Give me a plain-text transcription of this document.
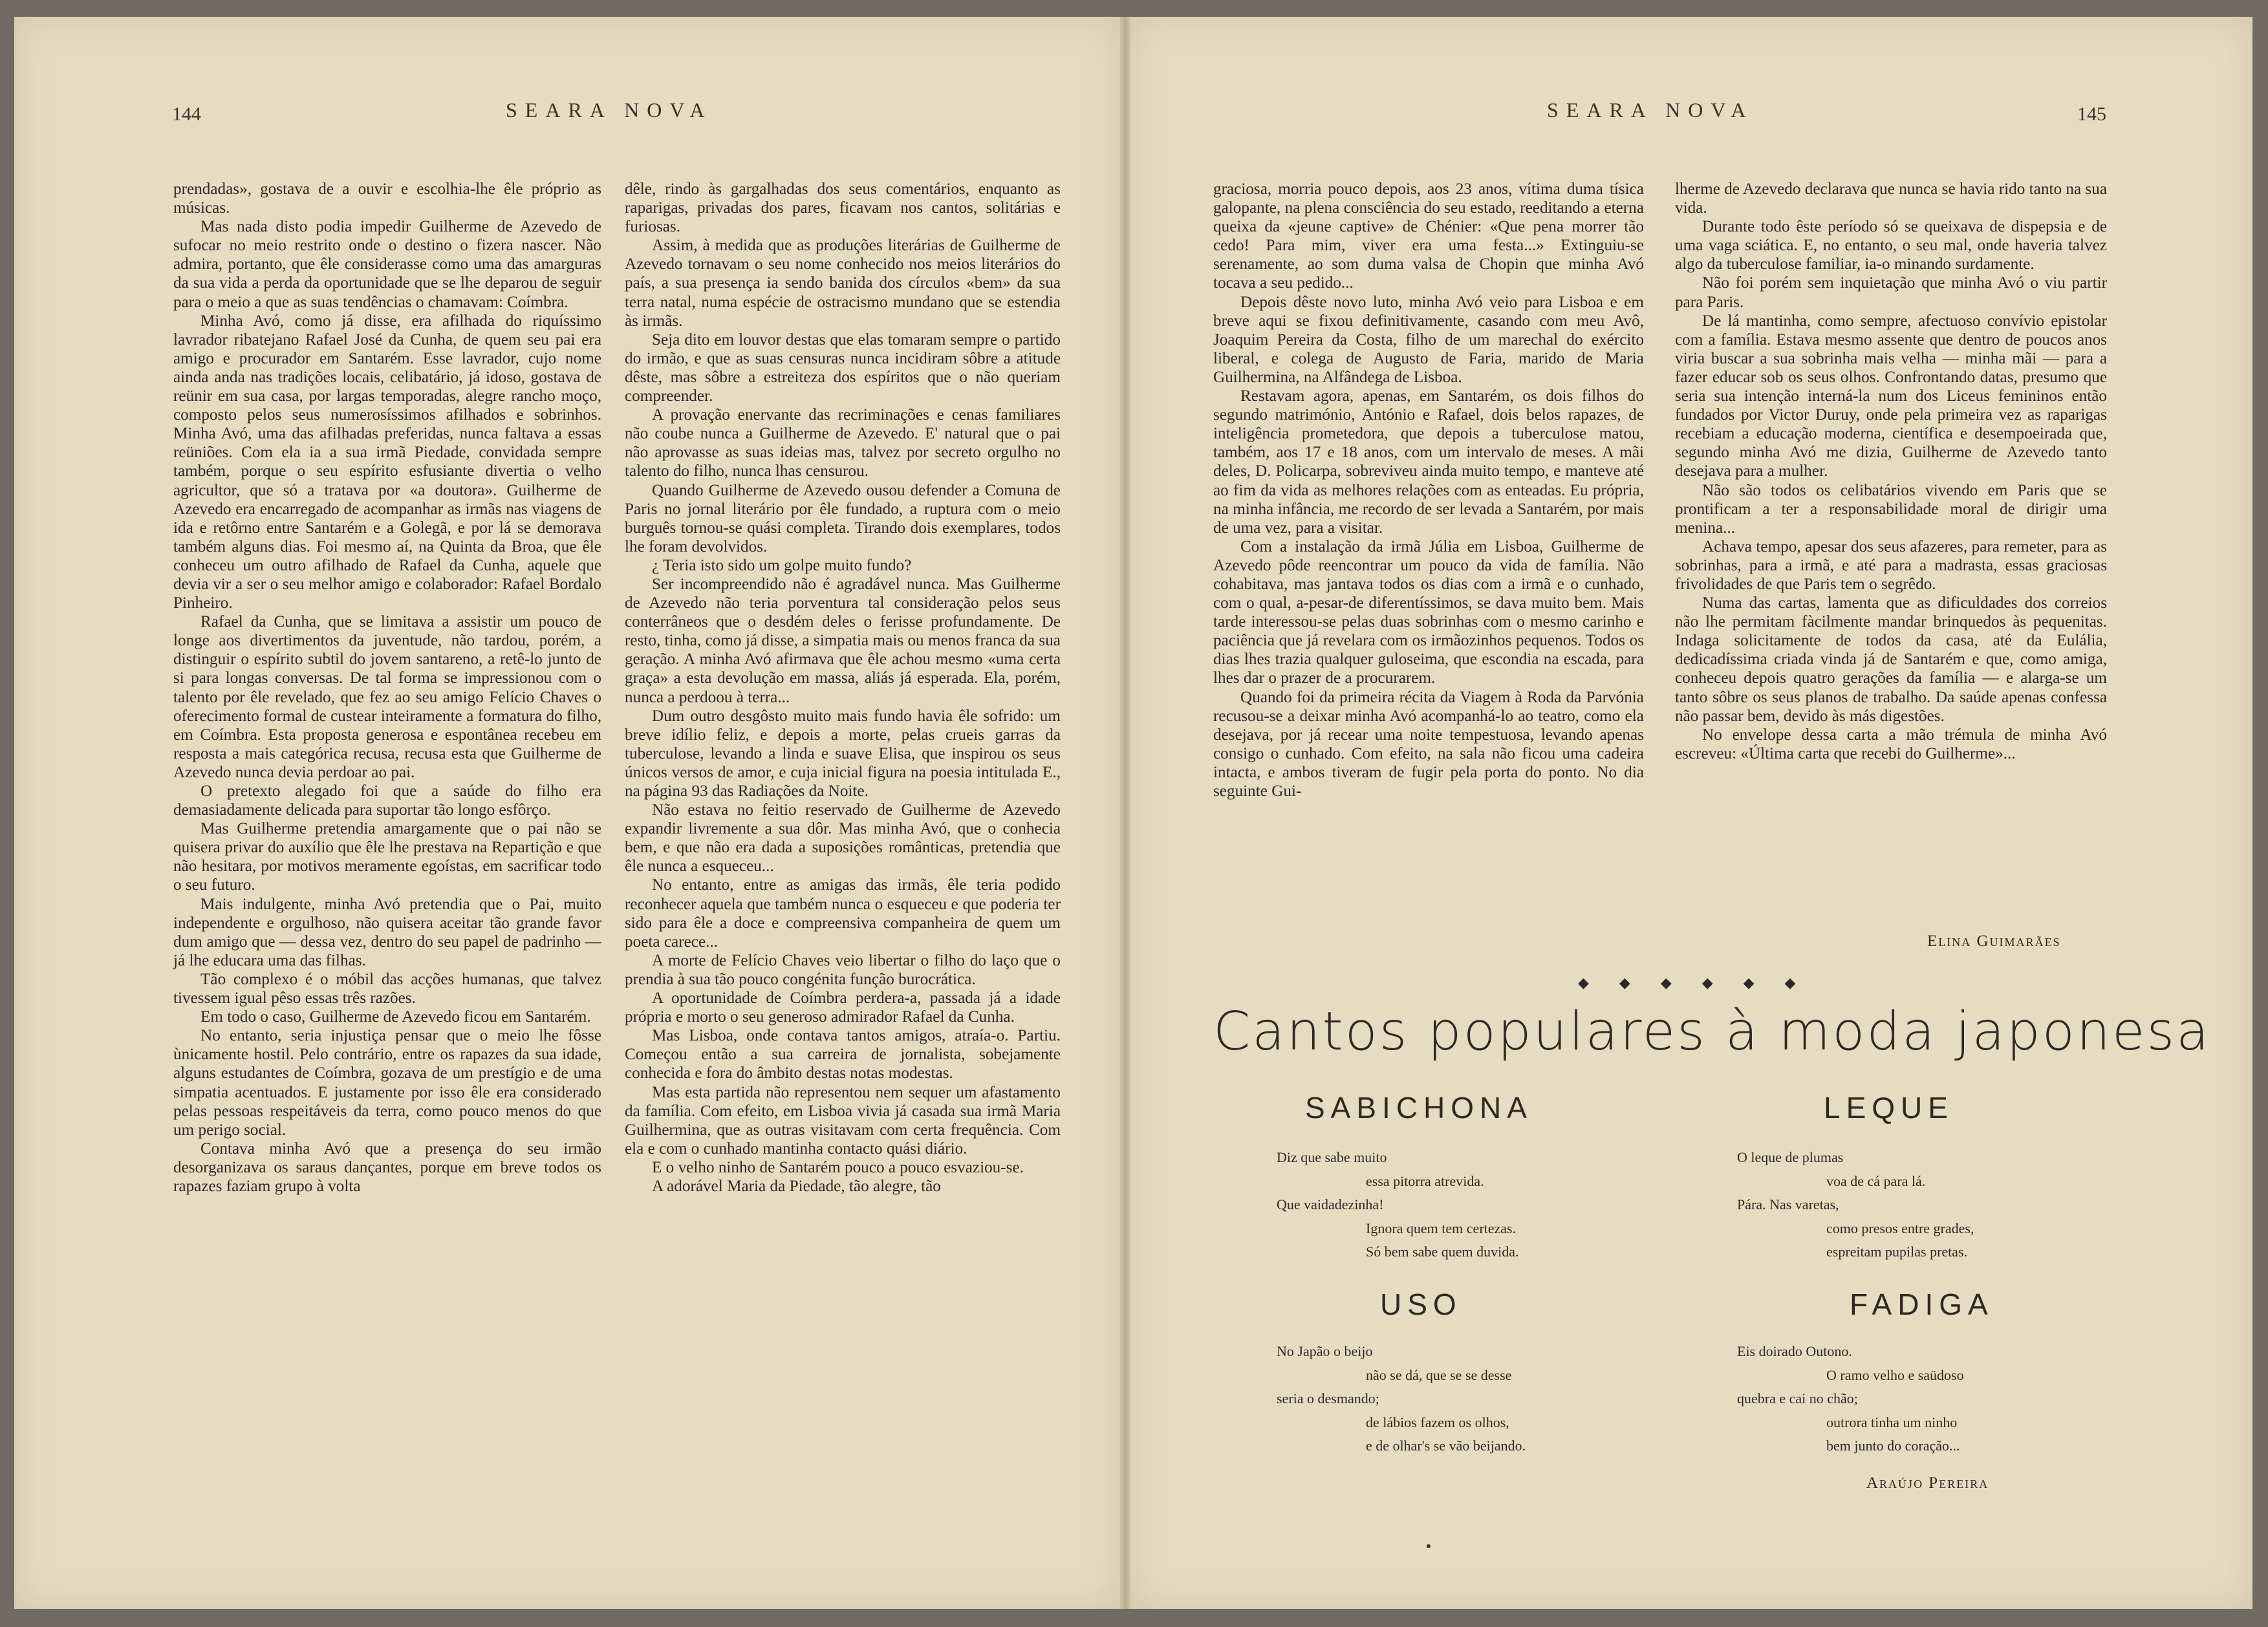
144	SEARA NOVA

prendadas», gostava de a ouvir e escolhia-lhe êle próprio as músicas.

Mas nada disto podia impedir Guilherme de Azevedo de sufocar no meio restrito onde o destino o fizera nascer. Não admira, portanto, que êle considerasse como uma das amarguras da sua vida a perda da oportunidade que se lhe deparou de seguir para o meio a que as suas tendências o chamavam: Coímbra.

Minha Avó, como já disse, era afilhada do riquíssimo lavrador ribatejano Rafael José da Cunha, de quem seu pai era amigo e procurador em Santarém. Esse lavrador, cujo nome ainda anda nas tradições locais, celibatário, já idoso, gostava de reünir em sua casa, por largas temporadas, alegre rancho moço, composto pelos seus numerosíssimos afilhados e sobrinhos. Minha Avó, uma das afilhadas preferidas, nunca faltava a essas reüniões. Com ela ia a sua irmã Piedade, convidada sempre também, porque o seu espírito esfusiante divertia o velho agricultor, que só a tratava por «a doutora». Guilherme de Azevedo era encarregado de acompanhar as irmãs nas viagens de ida e retôrno entre Santarém e a Golegã, e por lá se demorava também alguns dias. Foi mesmo aí, na Quinta da Broa, que êle conheceu um outro afilhado de Rafael da Cunha, aquele que devia vir a ser o seu melhor amigo e colaborador: Rafael Bordalo Pinheiro.

Rafael da Cunha, que se limitava a assistir um pouco de longe aos divertimentos da juventude, não tardou, porém, a distinguir o espírito subtil do jovem santareno, a retê-lo junto de si para longas conversas. De tal forma se impressionou com o talento por êle revelado, que fez ao seu amigo Felício Chaves o oferecimento formal de custear inteiramente a formatura do filho, em Coímbra. Esta proposta generosa e espontânea recebeu em resposta a mais categórica recusa, recusa esta que Guilherme de Azevedo nunca devia perdoar ao pai.

O pretexto alegado foi que a saúde do filho era demasiadamente delicada para suportar tão longo esfôrço.

Mas Guilherme pretendia amargamente que o pai não se quisera privar do auxílio que êle lhe prestava na Repartição e que não hesitara, por motivos meramente egoístas, em sacrificar todo o seu futuro.

Mais indulgente, minha Avó pretendia que o Pai, muito independente e orgulhoso, não quisera aceitar tão grande favor dum amigo que — dessa vez, dentro do seu papel de padrinho — já lhe educara uma das filhas.

Tão complexo é o móbil das acções humanas, que talvez tivessem igual pêso essas três razões.

Em todo o caso, Guilherme de Azevedo ficou em Santarém.

No entanto, seria injustiça pensar que o meio lhe fôsse ùnicamente hostil. Pelo contrário, entre os rapazes da sua idade, alguns estudantes de Coímbra, gozava de um prestígio e de uma simpatia acentuados. E justamente por isso êle era considerado pelas pessoas respeitáveis da terra, como pouco menos do que um perigo social.

Contava minha Avó que a presença do seu irmão desorganizava os saraus dançantes, porque em breve todos os rapazes faziam grupo à volta

dêle, rindo às gargalhadas dos seus comentários, enquanto as raparigas, privadas dos pares, ficavam nos cantos, solitárias e furiosas.

Assim, à medida que as produções literárias de Guilherme de Azevedo tornavam o seu nome conhecido nos meios literários do país, a sua presença ia sendo banida dos círculos «bem» da sua terra natal, numa espécie de ostracismo mundano que se estendia às irmãs.

Seja dito em louvor destas que elas tomaram sempre o partido do irmão, e que as suas censuras nunca incidiram sôbre a atitude dêste, mas sôbre a estreiteza dos espíritos que o não queriam compreender.

A provação enervante das recriminações e cenas familiares não coube nunca a Guilherme de Azevedo. E' natural que o pai não aprovasse as suas ideias mas, talvez por secreto orgulho no talento do filho, nunca lhas censurou.

Quando Guilherme de Azevedo ousou defender a Comuna de Paris no jornal literário por êle fundado, a ruptura com o meio burguês tornou-se quási completa. Tirando dois exemplares, todos lhe foram devolvidos.

¿ Teria isto sido um golpe muito fundo?

Ser incompreendido não é agradável nunca. Mas Guilherme de Azevedo não teria porventura tal consideração pelos seus conterrâneos que o desdém deles o ferisse profundamente. De resto, tinha, como já disse, a simpatia mais ou menos franca da sua geração. A minha Avó afirmava que êle achou mesmo «uma certa graça» a esta devolução em massa, aliás já esperada. Ela, porém, nunca a perdoou à terra...

Dum outro desgôsto muito mais fundo havia êle sofrido: um breve idílio feliz, e depois a morte, pelas crueis garras da tuberculose, levando a linda e suave Elisa, que inspirou os seus únicos versos de amor, e cuja inicial figura na poesia intitulada E., na página 93 das Radiações da Noite.

Não estava no feitio reservado de Guilherme de Azevedo expandir livremente a sua dôr. Mas minha Avó, que o conhecia bem, e que não era dada a suposições românticas, pretendia que êle nunca a esqueceu...

No entanto, entre as amigas das irmãs, êle teria podido reconhecer aquela que também nunca o esqueceu e que poderia ter sido para êle a doce e compreensiva companheira de quem um poeta carece...

A morte de Felício Chaves veio libertar o filho do laço que o prendia à sua tão pouco congénita função burocrática.

A oportunidade de Coímbra perdera-a, passada já a idade própria e morto o seu generoso admirador Rafael da Cunha.

Mas Lisboa, onde contava tantos amigos, atraía-o. Partiu. Começou então a sua carreira de jornalista, sobejamente conhecida e fora do âmbito destas notas modestas.

Mas esta partida não representou nem sequer um afastamento da família. Com efeito, em Lisboa vivia já casada sua irmã Maria Guilhermina, que as outras visitavam com certa frequência. Com ela e com o cunhado mantinha contacto quási diário.

E o velho ninho de Santarém pouco a pouco esvaziou-se.

A adorável Maria da Piedade, tão alegre, tão

SEARA NOVA	145

graciosa, morria pouco depois, aos 23 anos, vítima duma tísica galopante, na plena consciência do seu estado, reeditando a eterna queixa da «jeune captive» de Chénier: «Que pena morrer tão cedo! Para mim, viver era uma festa...» Extinguiu-se serenamente, ao som duma valsa de Chopin que minha Avó tocava a seu pedido...

Depois dêste novo luto, minha Avó veio para Lisboa e em breve aqui se fixou definitivamente, casando com meu Avô, Joaquim Pereira da Costa, filho de um marechal do exército liberal, e colega de Augusto de Faria, marido de Maria Guilhermina, na Alfândega de Lisboa.

Restavam agora, apenas, em Santarém, os dois filhos do segundo matrimónio, António e Rafael, dois belos rapazes, de inteligência prometedora, que depois a tuberculose matou, também, aos 17 e 18 anos, com um intervalo de meses. A mãi deles, D. Policarpa, sobreviveu ainda muito tempo, e manteve até ao fim da vida as melhores relações com as enteadas. Eu própria, na minha infância, me recordo de ser levada a Santarém, por mais de uma vez, para a visitar.

Com a instalação da irmã Júlia em Lisboa, Guilherme de Azevedo pôde reencontrar um pouco da vida de família. Não cohabitava, mas jantava todos os dias com a irmã e o cunhado, com o qual, a-pesar-de diferentíssimos, se dava muito bem. Mais tarde interessou-se pelas duas sobrinhas com o mesmo carinho e paciência que já revelara com os irmãozinhos pequenos. Todos os dias lhes trazia qualquer guloseima, que escondia na escada, para lhes dar o prazer de a procurarem.

Quando foi da primeira récita da Viagem à Roda da Parvónia recusou-se a deixar minha Avó acompanhá-lo ao teatro, como ela desejava, por já recear uma noite tempestuosa, levando apenas consigo o cunhado. Com efeito, na sala não ficou uma cadeira intacta, e ambos tiveram de fugir pela porta do ponto. No dia seguinte Gui-

lherme de Azevedo declarava que nunca se havia rido tanto na sua vida.

Durante todo êste período só se queixava de dispepsia e de uma vaga sciática. E, no entanto, o seu mal, onde haveria talvez algo da tuberculose familiar, ia-o minando surdamente.

Não foi porém sem inquietação que minha Avó o viu partir para Paris.

De lá mantinha, como sempre, afectuoso convívio epistolar com a família. Estava mesmo assente que dentro de poucos anos viria buscar a sua sobrinha mais velha — minha mãi — para a fazer educar sob os seus olhos. Confrontando datas, presumo que seria sua intenção interná-la num dos Liceus femininos então fundados por Victor Duruy, onde pela primeira vez as raparigas recebiam a educação moderna, científica e desempoeirada que, segundo minha Avó me dizia, Guilherme de Azevedo tanto desejava para a mulher.

Não são todos os celibatários vivendo em Paris que se prontificam a ter a responsabilidade moral de dirigir uma menina...

Achava tempo, apesar dos seus afazeres, para remeter, para as sobrinhas, para a irmã, e até para a madrasta, essas graciosas frivolidades de que Paris tem o segrêdo.

Numa das cartas, lamenta que as dificuldades dos correios não lhe permitam fàcilmente mandar brinquedos às pequenitas. Indaga solicitamente de todos da casa, até da Eulália, dedicadíssima criada vinda já de Santarém e que, como amiga, conheceu depois quatro gerações da família — e alarga-se um tanto sôbre os seus planos de trabalho. Da saúde apenas confessa não passar bem, devido às más digestões.

No envelope dessa carta a mão trémula de minha Avó escreveu: «Última carta que recebi do Guilherme»...

Elina Guimarães
◆ ◆ ◆ ◆ ◆ ◆
Cantos populares à moda japonesa
SABICHONA	LEQUE
Diz que sabe muito
essa pitorra atrevida.
Que vaidadezinha!
Ignora quem tem certezas.
Só bem sabe quem duvida.
O leque de plumas
voa de cá para lá.
Pára. Nas varetas,
como presos entre grades,
espreitam pupilas pretas.
USO	FADIGA
No Japão o beijo
não se dá, que se se desse
seria o desmando;
de lábios fazem os olhos,
e de olhar's se vão beijando.
Eis doirado Outono.
O ramo velho e saüdoso
quebra e cai no chão;
outrora tinha um ninho
bem junto do coração...
Araújo Pereira
